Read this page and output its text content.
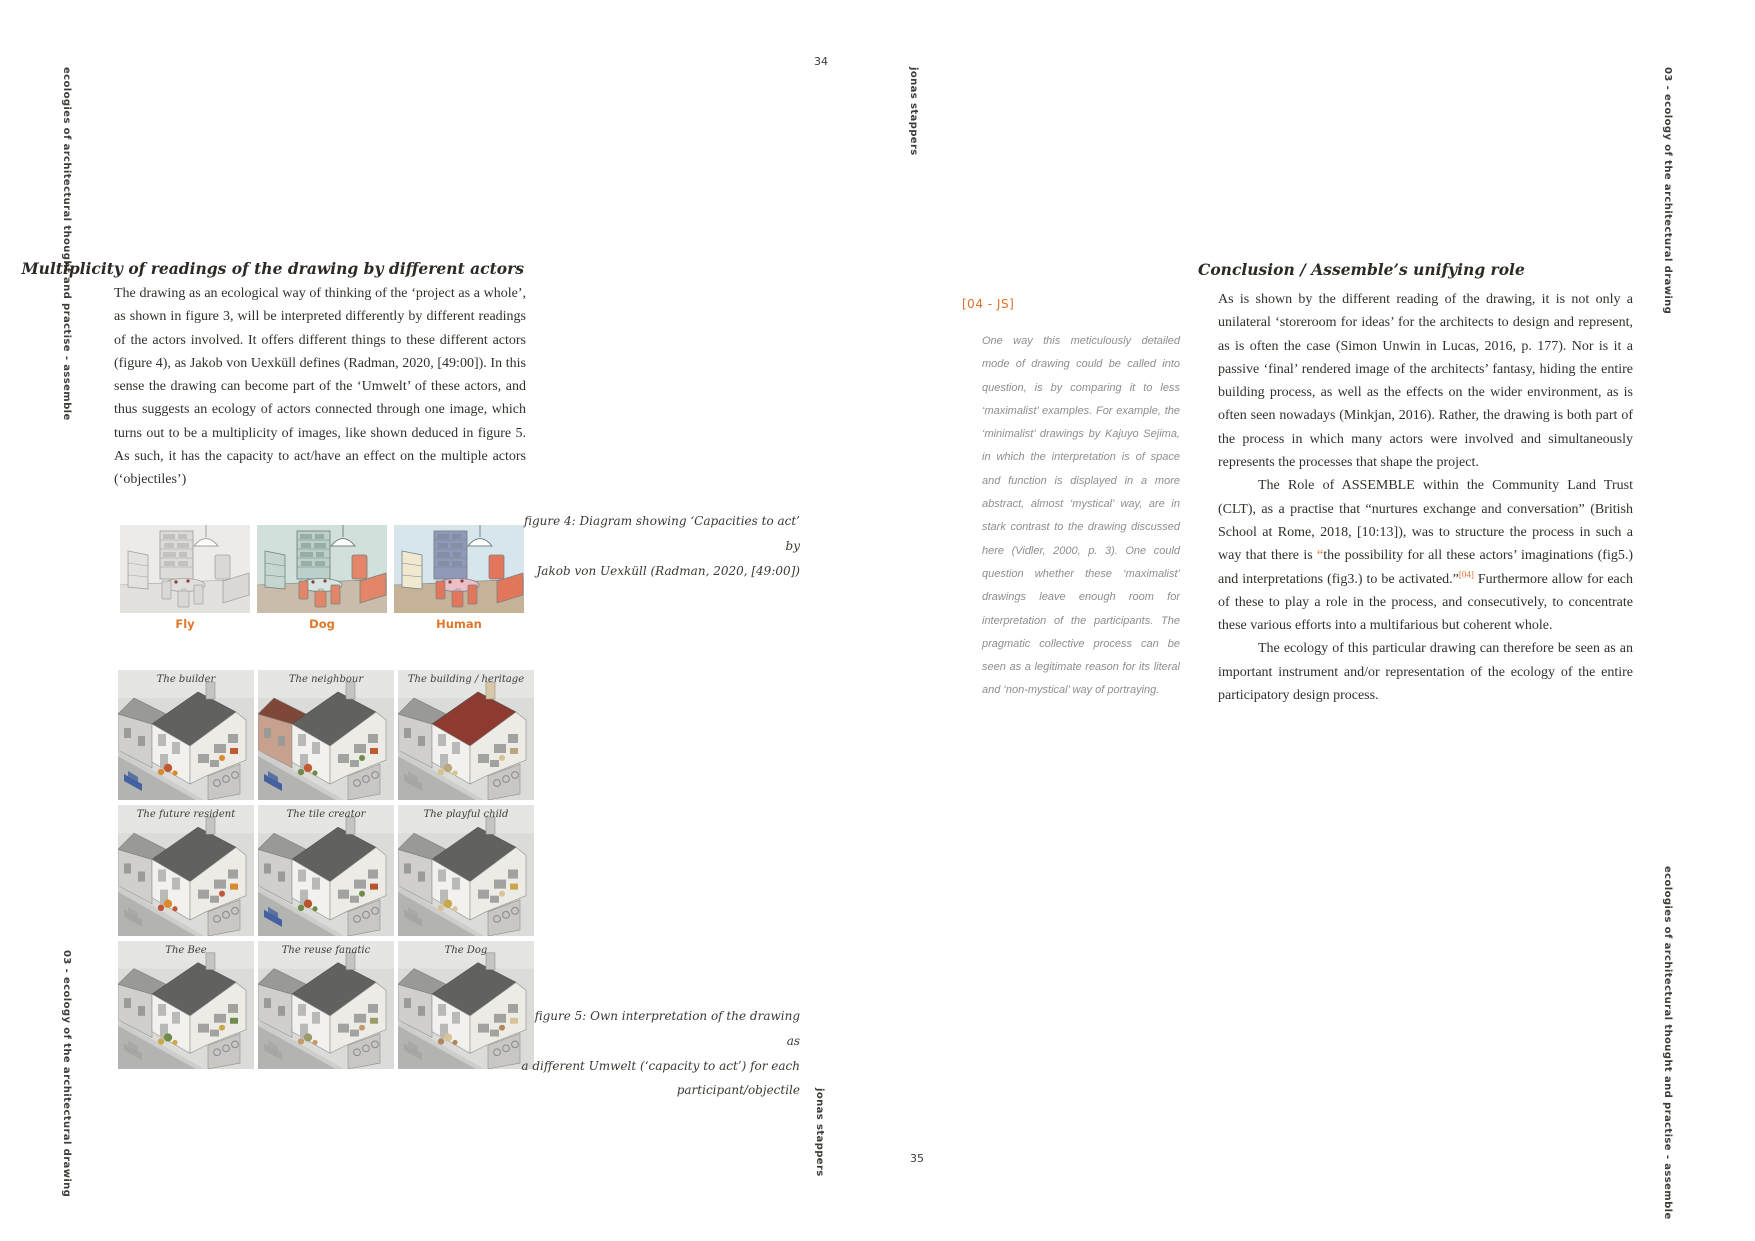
ecologies of architectural thought and practise - assemble
03 - ecology of the architectural drawing
03 - ecology of the architectural drawing
ecologies of architectural thought and practise - assemble
34
jonas stappers
jonas stappers	35
Multiplicity of readings of the drawing by different actors

The drawing as an ecological way of thinking of the ‘project as a whole’, as shown in figure 3, will be interpreted differently by different readings of the actors involved. It offers different things to these different actors (figure 4), as Jakob von Uexküll defines (Radman, 2020, [49:00]). In this sense the drawing can become part of the ‘Umwelt’ of these actors, and thus suggests an ecology of actors connected through one image, which turns out to be a multiplicity of images, like shown deduced in figure 5. As such, it has the capacity to act/have an effect on the multiple actors (‘objectiles’)

Fly	Dog	Human
figure 4: Diagram showing ‘Capacities to act’ by
Jakob von Uexküll (Radman, 2020, [49:00])
The builder	The neighbour	The building / heritage
The future resident	The tile creator	The playful child
The Bee	The reuse fanatic	The Dog
figure 5: Own interpretation of the drawing as
a different Umwelt (‘capacity to act’) for each
participant/objectile
[04 - JS]

One way this meticulously detailed mode of drawing could be called into question, is by comparing it to less ‘maximalist’ examples. For example, the ‘minimalist’ drawings by Kajuyo Sejima, in which the interpretation is of space and function is displayed in a more abstract, almost ‘mystical’ way, are in stark contrast to the drawing discussed here (Vidler, 2000, p. 3). One could question whether these ‘maximalist’ drawings leave enough room for interpretation of the participants. The pragmatic collective process can be seen as a legitimate reason for its literal and ‘non-mystical’ way of portraying.

Conclusion / Assemble’s unifying role

As is shown by the different reading of the drawing, it is not only a unilateral ‘storeroom for ideas’ for the architects to design and represent, as is often the case (Simon Unwin in Lucas, 2016, p. 177). Nor is it a passive ‘final’ rendered image of the architects’ fantasy, hiding the entire building process, as well as the effects on the wider environment, as is often seen nowadays (Minkjan, 2016). Rather, the drawing is both part of the process in which many actors were involved and simultaneously represents the processes that shape the project.

The Role of ASSEMBLE within the Community Land Trust (CLT), as a practise that “nurtures exchange and conversation” (British School at Rome, 2018, [10:13]), was to structure the process in such a way that there is “the possibility for all these actors’ imaginations (fig5.) and interpretations (fig3.) to be activated.”[04] Furthermore allow for each of these to play a role in the process, and consecutively, to concentrate these various efforts into a multifarious but coherent whole.

The ecology of this particular drawing can therefore be seen as an important instrument and/or representation of the ecology of the entire participatory design process.
